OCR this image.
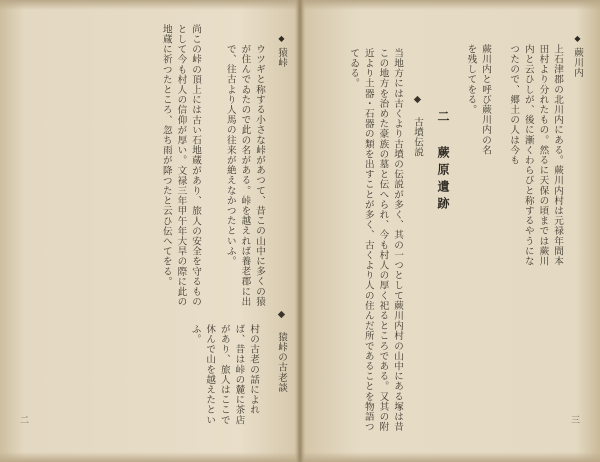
◆猿峠
ウツギと称する小さな峠があつて、昔この山中に多くの猿が住んでゐたので此の名がある。峠を越えれば養老郡に出で、往古より人馬の往来が絶えなかつたといふ。
尚この峠の頂上には古い石地蔵があり、旅人の安全を守るものとして今も村人の信仰が厚い。文禄三年甲午年大旱の際に此の地蔵に祈つたところ、忽ち雨が降つたと云ひ伝へてをる。
◆ 猿峠の古老談
村の古老の話によれば、昔は峠の麓に茶店があり、旅人はここで休んで山を越えたといふ。
二
◆蕨川内
上石津郡の北川内にある。蕨川内村は元禄年間本田村より分れたもの。然るに天保の頃までは蕨川内と云ひしが、後に漸くわらびと称するやうになつたので、郷土の人は今も
蕨川内と呼び蕨川内の名を残してをる。
二 蕨原遺跡
◆ 古墳伝説
当地方には古くより古墳の伝説が多く、其の一つとして蕨川内村の山中にある塚は昔この地方を治めた豪族の墓と伝へられ、今も村人の厚く祀るところである。又其の附近より土器・石器の類を出すことが多く、古くより人の住んだ所であることを物語つてゐる。
三
